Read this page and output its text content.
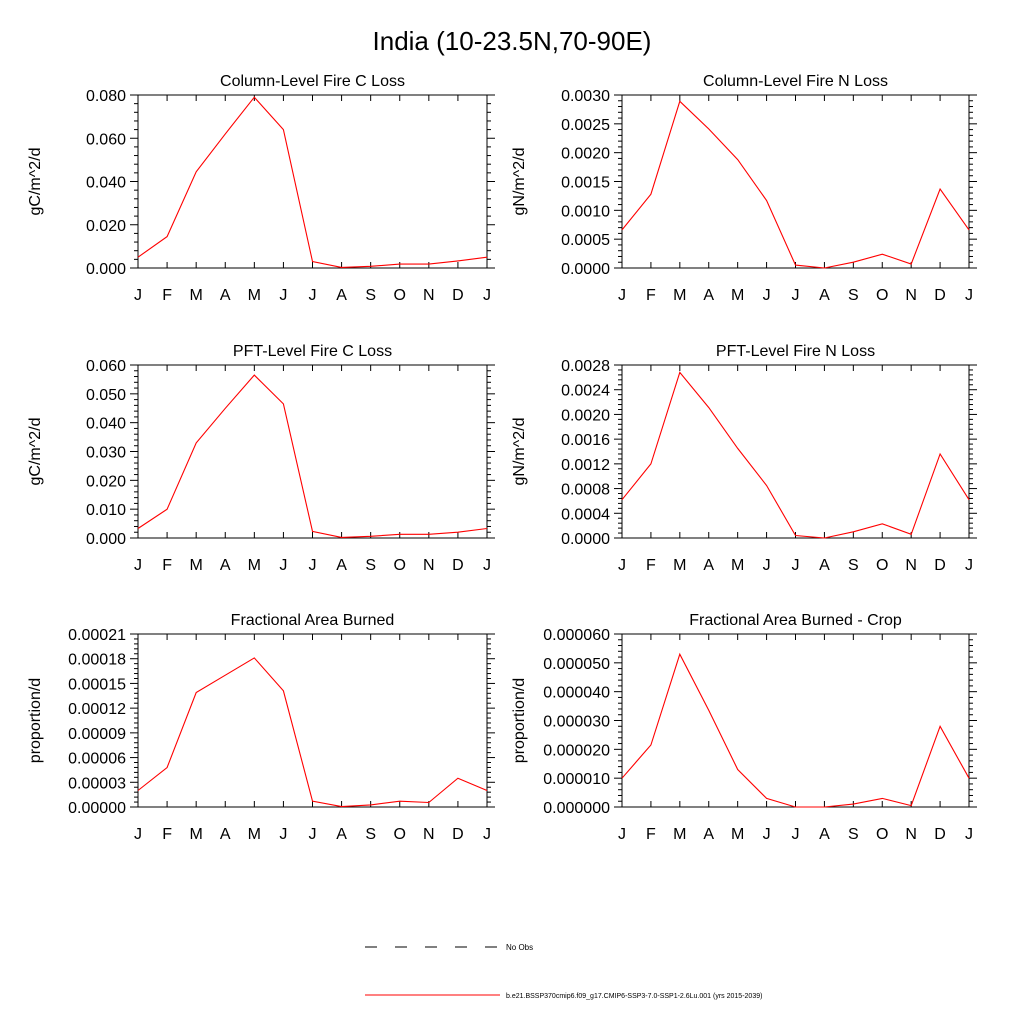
India (10-23.5N,70-90E)
Column-Level Fire C Loss
J F M A M J J A S O N D J
0.000
0.020
0.040
0.060
0.080
gC/m^2/d
Column-Level Fire N Loss
J F M A M J J A S O N D J
0.0000
0.0005
0.0010
0.0015
0.0020
0.0025
0.0030
gN/m^2/d
PFT-Level Fire C Loss
J F M A M J J A S O N D J
0.000
0.010
0.020
0.030
0.040
0.050
0.060
gC/m^2/d
PFT-Level Fire N Loss
J F M A M J J A S O N D J
0.0000
0.0004
0.0008
0.0012
0.0016
0.0020
0.0024
0.0028
gN/m^2/d
Fractional Area Burned
J F M A M J J A S O N D J
0.00000
0.00003
0.00006
0.00009
0.00012
0.00015
0.00018
0.00021
proportion/d
Fractional Area Burned - Crop
J F M A M J J A S O N D J
0.000000
0.000010
0.000020
0.000030
0.000040
0.000050
0.000060
proportion/d
No Obs
b.e21.BSSP370cmip6.f09_g17.CMIP6-SSP3-7.0-SSP1-2.6Lu.001 (yrs 2015-2039)
